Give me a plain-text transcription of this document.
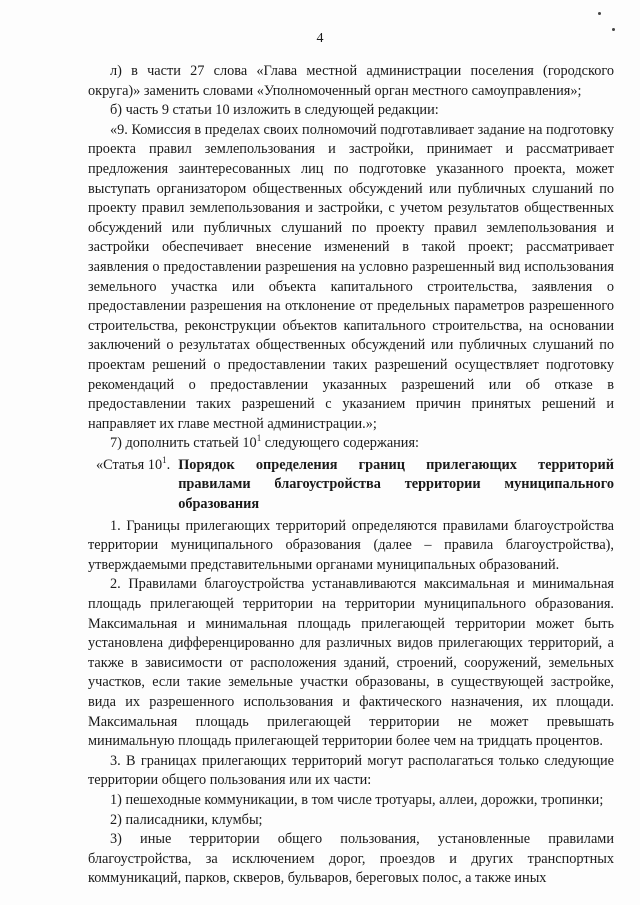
4

л) в части 27 слова «Глава местной администрации поселения (городского округа)» заменить словами «Уполномоченный орган местного самоуправления»;

б) часть 9 статьи 10 изложить в следующей редакции:

«9. Комиссия в пределах своих полномочий подготавливает задание на подготовку проекта правил землепользования и застройки, принимает и рассматривает предложения заинтересованных лиц по подготовке указанного проекта, может выступать организатором общественных обсуждений или публичных слушаний по проекту правил землепользования и застройки, с учетом результатов общественных обсуждений или публичных слушаний по проекту правил землепользования и застройки обеспечивает внесение изменений в такой проект; рассматривает заявления о предоставлении разрешения на условно разрешенный вид использования земельного участка или объекта капитального строительства, заявления о предоставлении разрешения на отклонение от предельных параметров разрешенного строительства, реконструкции объектов капитального строительства, на основании заключений о результатах общественных обсуждений или публичных слушаний по проектам решений о предоставлении таких разрешений осуществляет подготовку рекомендаций о предоставлении указанных разрешений или об отказе в предоставлении таких разрешений с указанием причин принятых решений и направляет их главе местной администрации.»;

7) дополнить статьей $10^1$ следующего содержания:

«Статья $10^1$. Порядок определения границ прилегающих территорий правилами благоустройства территории муниципального образования

1. Границы прилегающих территорий определяются правилами благоустройства территории муниципального образования (далее – правила благоустройства), утверждаемыми представительными органами муниципальных образований.

2. Правилами благоустройства устанавливаются максимальная и минимальная площадь прилегающей территории на территории муниципального образования. Максимальная и минимальная площадь прилегающей территории может быть установлена дифференцированно для различных видов прилегающих территорий, а также в зависимости от расположения зданий, строений, сооружений, земельных участков, если такие земельные участки образованы, в существующей застройке, вида их разрешенного использования и фактического назначения, их площади. Максимальная площадь прилегающей территории не может превышать минимальную площадь прилегающей территории более чем на тридцать процентов.

3. В границах прилегающих территорий могут располагаться только следующие территории общего пользования или их части:

1) пешеходные коммуникации, в том числе тротуары, аллеи, дорожки, тропинки;

2) палисадники, клумбы;

3) иные территории общего пользования, установленные правилами благоустройства, за исключением дорог, проездов и других транспортных коммуникаций, парков, скверов, бульваров, береговых полос, а также иных
